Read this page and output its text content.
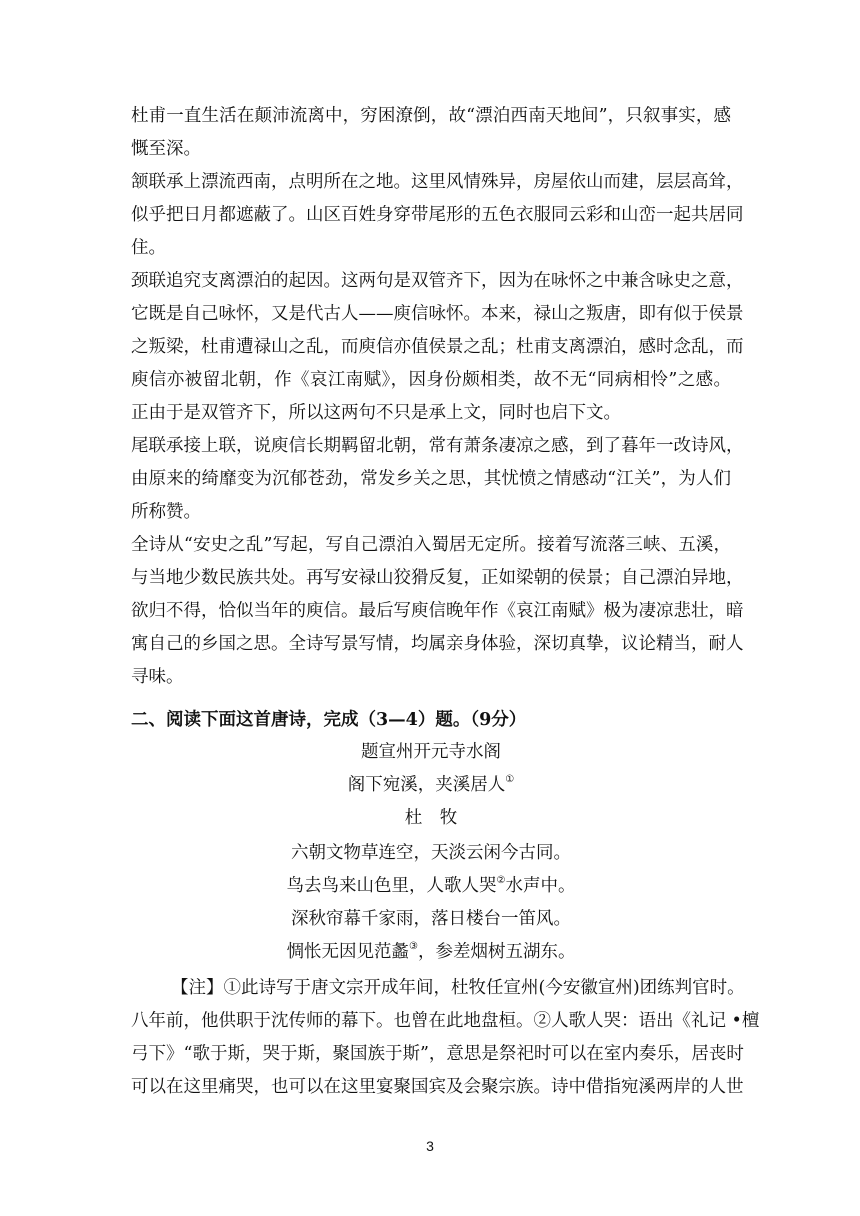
杜甫一直生活在颠沛流离中，穷困潦倒，故“漂泊西南天地间”，只叙事实，感
慨至深。
颔联承上漂流西南，点明所在之地。这里风情殊异，房屋依山而建，层层高耸，
似乎把日月都遮蔽了。山区百姓身穿带尾形的五色衣服同云彩和山峦一起共居同
住。
颈联追究支离漂泊的起因。这两句是双管齐下，因为在咏怀之中兼含咏史之意，
它既是自己咏怀，又是代古人——庾信咏怀。本来，禄山之叛唐，即有似于侯景
之叛梁，杜甫遭禄山之乱，而庾信亦值侯景之乱；杜甫支离漂泊，感时念乱，而
庾信亦被留北朝，作《哀江南赋》，因身份颇相类，故不无“同病相怜”之感。
正由于是双管齐下，所以这两句不只是承上文，同时也启下文。
尾联承接上联，说庾信长期羁留北朝，常有萧条凄凉之感，到了暮年一改诗风，
由原来的绮靡变为沉郁苍劲，常发乡关之思，其忧愤之情感动“江关”，为人们
所称赞。
全诗从“安史之乱”写起，写自己漂泊入蜀居无定所。接着写流落三峡、五溪，
与当地少数民族共处。再写安禄山狡猾反复，正如梁朝的侯景；自己漂泊异地，
欲归不得，恰似当年的庾信。最后写庾信晚年作《哀江南赋》极为凄凉悲壮，暗
寓自己的乡国之思。全诗写景写情，均属亲身体验，深切真挚，议论精当，耐人
寻味。
二、阅读下面这首唐诗，完成（3—4）题。（9分）
题宣州开元寺水阁
阁下宛溪，夹溪居人①
杜　牧
六朝文物草连空，天淡云闲今古同。
鸟去鸟来山色里，人歌人哭②水声中。
深秋帘幕千家雨，落日楼台一笛风。
惆怅无因见范蠡③，参差烟树五湖东。
【注】①此诗写于唐文宗开成年间，杜牧任宣州(今安徽宣州)团练判官时。
八年前，他供职于沈传师的幕下。也曾在此地盘桓。②人歌人哭：语出《礼记 •檀
弓下》“歌于斯，哭于斯，聚国族于斯”，意思是祭祀时可以在室内奏乐，居丧时
可以在这里痛哭，也可以在这里宴聚国宾及会聚宗族。诗中借指宛溪两岸的人世
3
